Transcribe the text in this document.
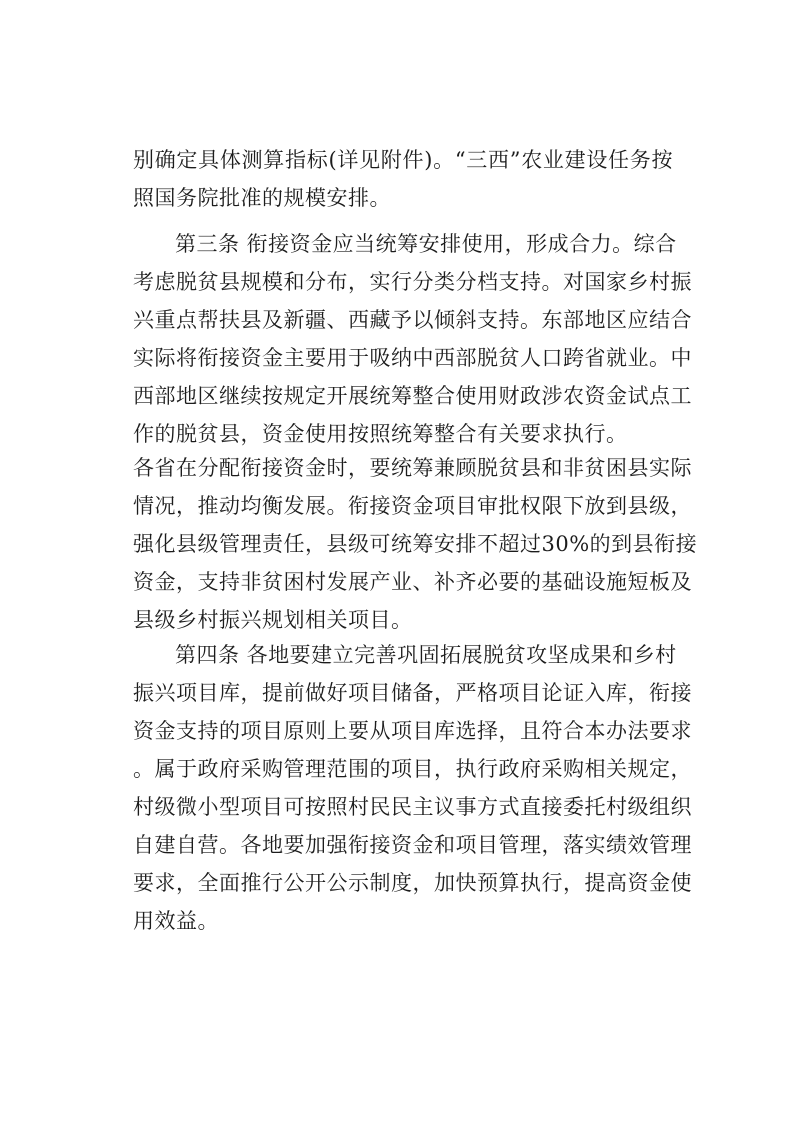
别确定具体测算指标(详见附件)。“三西”农业建设任务按
照国务院批准的规模安排。
第三条 衔接资金应当统筹安排使用，形成合力。综合
考虑脱贫县规模和分布，实行分类分档支持。对国家乡村振
兴重点帮扶县及新疆、西藏予以倾斜支持。东部地区应结合
实际将衔接资金主要用于吸纳中西部脱贫人口跨省就业。中
西部地区继续按规定开展统筹整合使用财政涉农资金试点工
作的脱贫县，资金使用按照统筹整合有关要求执行。
各省在分配衔接资金时，要统筹兼顾脱贫县和非贫困县实际
情况，推动均衡发展。衔接资金项目审批权限下放到县级，
强化县级管理责任，县级可统筹安排不超过30%的到县衔接
资金，支持非贫困村发展产业、补齐必要的基础设施短板及
县级乡村振兴规划相关项目。
第四条 各地要建立完善巩固拓展脱贫攻坚成果和乡村
振兴项目库，提前做好项目储备，严格项目论证入库，衔接
资金支持的项目原则上要从项目库选择，且符合本办法要求
。属于政府采购管理范围的项目，执行政府采购相关规定，
村级微小型项目可按照村民民主议事方式直接委托村级组织
自建自营。各地要加强衔接资金和项目管理，落实绩效管理
要求，全面推行公开公示制度，加快预算执行，提高资金使
用效益。
